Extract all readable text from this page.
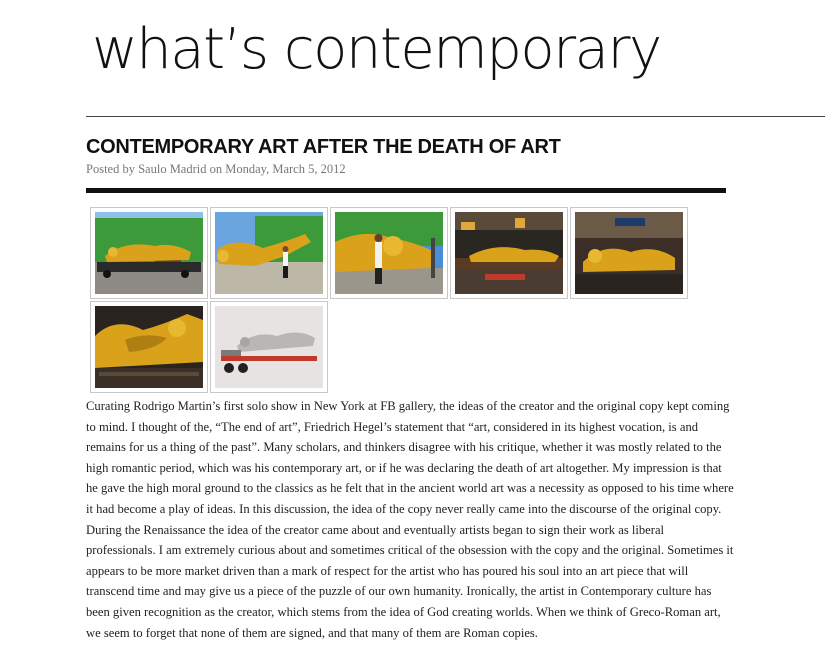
what’s contemporary
CONTEMPORARY ART AFTER THE DEATH OF ART
Posted by Saulo Madrid on Monday, March 5, 2012

Curating Rodrigo Martin’s first solo show in New York at FB gallery, the ideas of the creator and the original copy kept coming to mind. I thought of the, “The end of art”, Friedrich Hegel’s statement that “art, considered in its highest vocation, is and remains for us a thing of the past”. Many scholars, and thinkers disagree with his critique, whether it was mostly related to the high romantic period, which was his contemporary art, or if he was declaring the death of art altogether. My impression is that he gave the high moral ground to the classics as he felt that in the ancient world art was a necessity as opposed to his time where it had become a play of ideas. In this discussion, the idea of the copy never really came into the discourse of the original copy. During the Renaissance the idea of the creator came about and eventually artists began to sign their work as liberal professionals. I am extremely curious about and sometimes critical of the obsession with the copy and the original. Sometimes it appears to be more market driven than a mark of respect for the artist who has poured his soul into an art piece that will transcend time and may give us a piece of the puzzle of our own humanity. Ironically, the artist in Contemporary culture has been given recognition as the creator, which stems from the idea of God creating worlds. When we think of Greco-Roman art, we seem to forget that none of them are signed, and that many of them are Roman copies.
